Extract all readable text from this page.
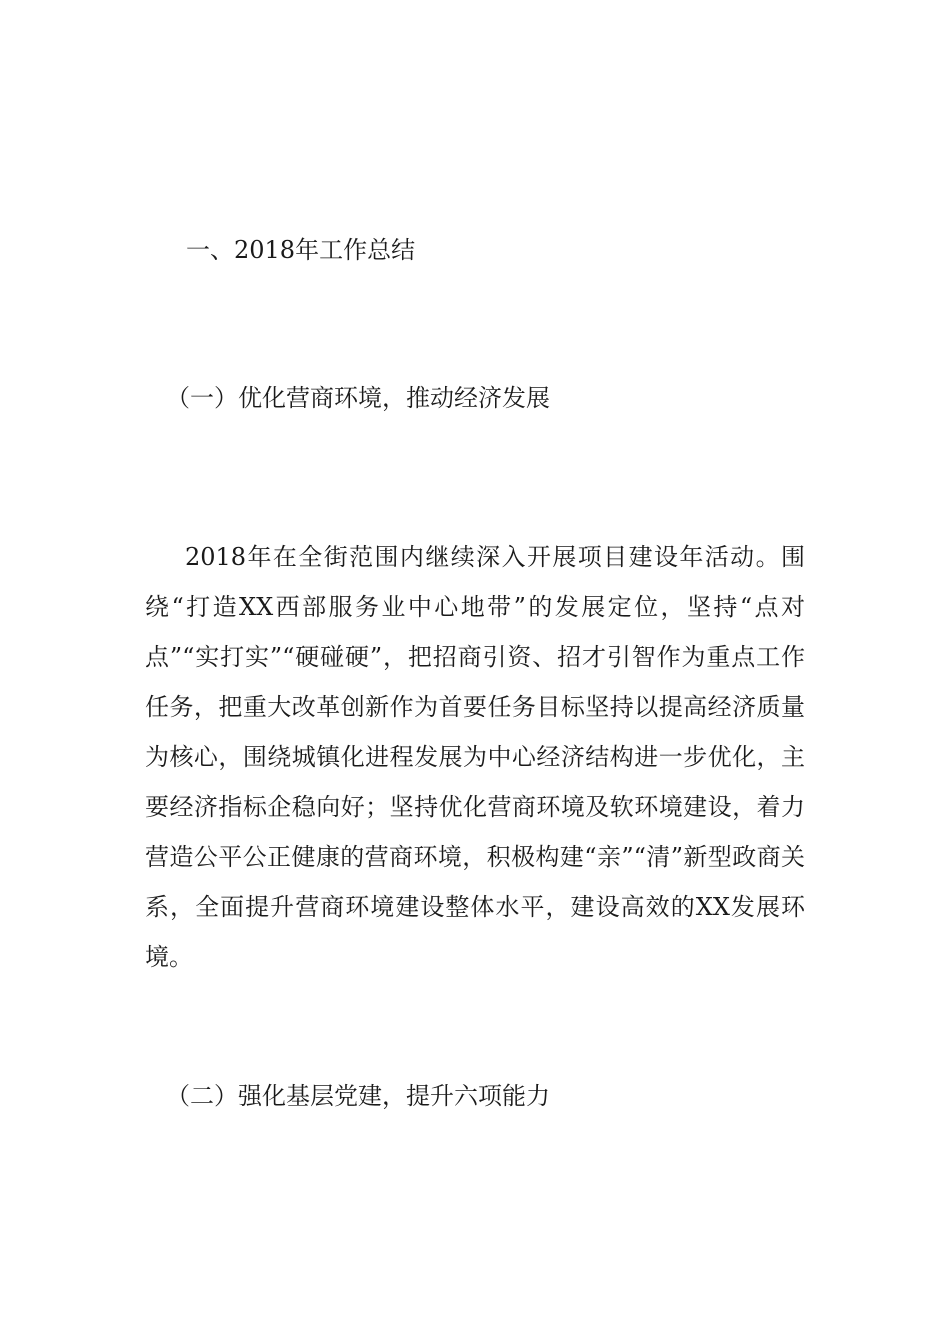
一、2018年工作总结
（一）优化营商环境，推动经济发展

2018年在全街范围内继续深入开展项目建设年活动。围绕“打造XX西部服务业中心地带”的发展定位，坚持“点对点”“实打实”“硬碰硬”，把招商引资、招才引智作为重点工作任务，把重大改革创新作为首要任务目标坚持以提高经济质量为核心，围绕城镇化进程发展为中心经济结构进一步优化，主要经济指标企稳向好；坚持优化营商环境及软环境建设，着力营造公平公正健康的营商环境，积极构建“亲”“清”新型政商关系，全面提升营商环境建设整体水平，建设高效的XX发展环境。

（二）强化基层党建，提升六项能力
